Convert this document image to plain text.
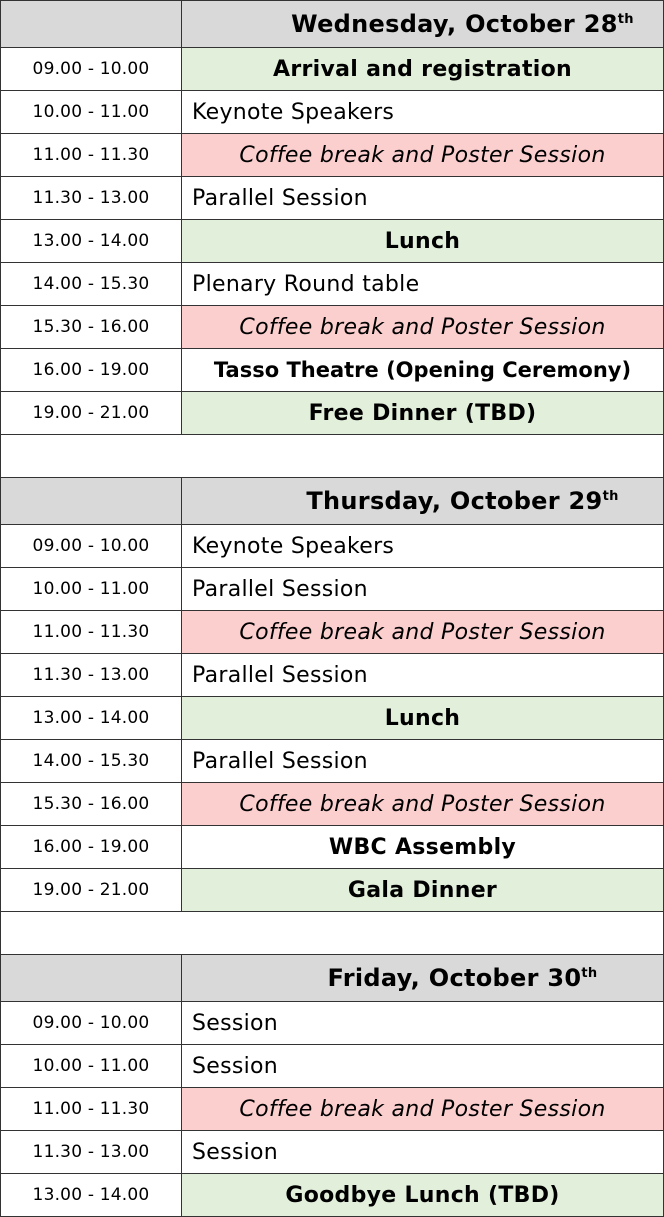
	Wednesday, October 28th
09.00 - 10.00	Arrival and registration
10.00 - 11.00	Keynote Speakers
11.00 - 11.30	Coffee break and Poster Session
11.30 - 13.00	Parallel Session
13.00 - 14.00	Lunch
14.00 - 15.30	Plenary Round table
15.30 - 16.00	Coffee break and Poster Session
16.00 - 19.00	Tasso Theatre (Opening Ceremony)
19.00 - 21.00	Free Dinner (TBD)

	Thursday, October 29th
09.00 - 10.00	Keynote Speakers
10.00 - 11.00	Parallel Session
11.00 - 11.30	Coffee break and Poster Session
11.30 - 13.00	Parallel Session
13.00 - 14.00	Lunch
14.00 - 15.30	Parallel Session
15.30 - 16.00	Coffee break and Poster Session
16.00 - 19.00	WBC Assembly
19.00 - 21.00	Gala Dinner

	Friday, October 30th
09.00 - 10.00	Session
10.00 - 11.00	Session
11.00 - 11.30	Coffee break and Poster Session
11.30 - 13.00	Session
13.00 - 14.00	Goodbye Lunch (TBD)
